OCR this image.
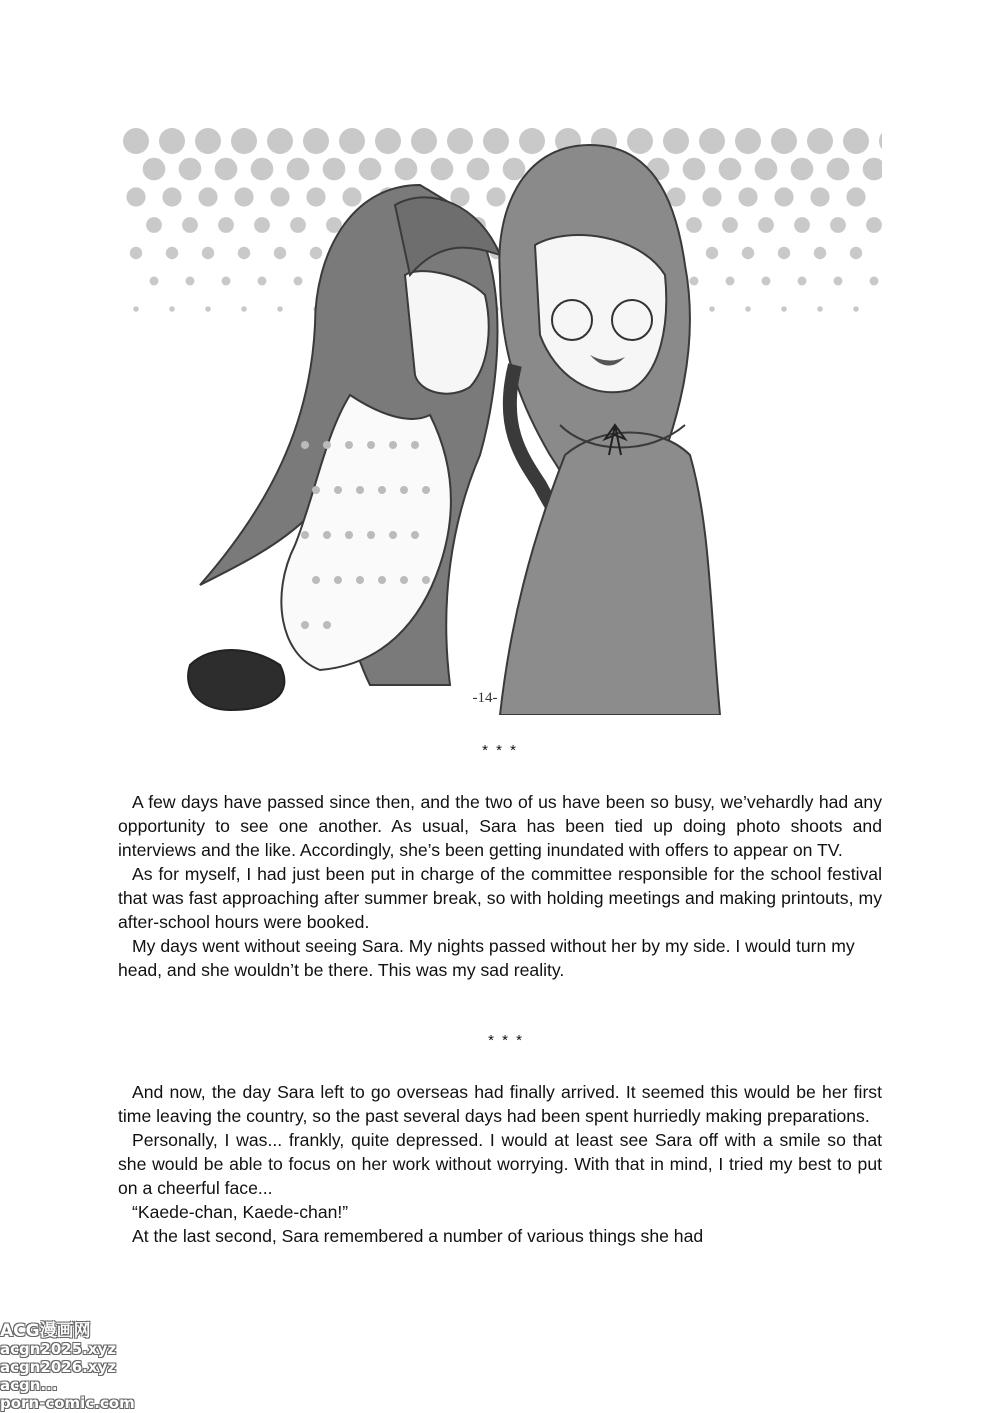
-14-
* * *

A few days have passed since then, and the two of us have been so busy, we’vehardly had any opportunity to see one another. As usual, Sara has been tied up doing photo shoots and interviews and the like. Accordingly, she’s been getting inundated with offers to appear on TV.

As for myself, I had just been put in charge of the committee responsible for the school festival that was fast approaching after summer break, so with holding meetings and making printouts, my after-school hours were booked.

My days went without seeing Sara. My nights passed without her by my side. I would turn my head, and she wouldn’t be there. This was my sad reality.

* * *

And now, the day Sara left to go overseas had finally arrived. It seemed this would be her first time leaving the country, so the past several days had been spent hurriedly making preparations.

Personally, I was... frankly, quite depressed. I would at least see Sara off with a smile so that she would be able to focus on her work without worrying. With that in mind, I tried my best to put on a cheerful face...

“Kaede-chan, Kaede-chan!”

At the last second, Sara remembered a number of various things she had

ACG漫画网
acgn2025.xyz
acgn2026.xyz
acgn...
porn-comic.com
